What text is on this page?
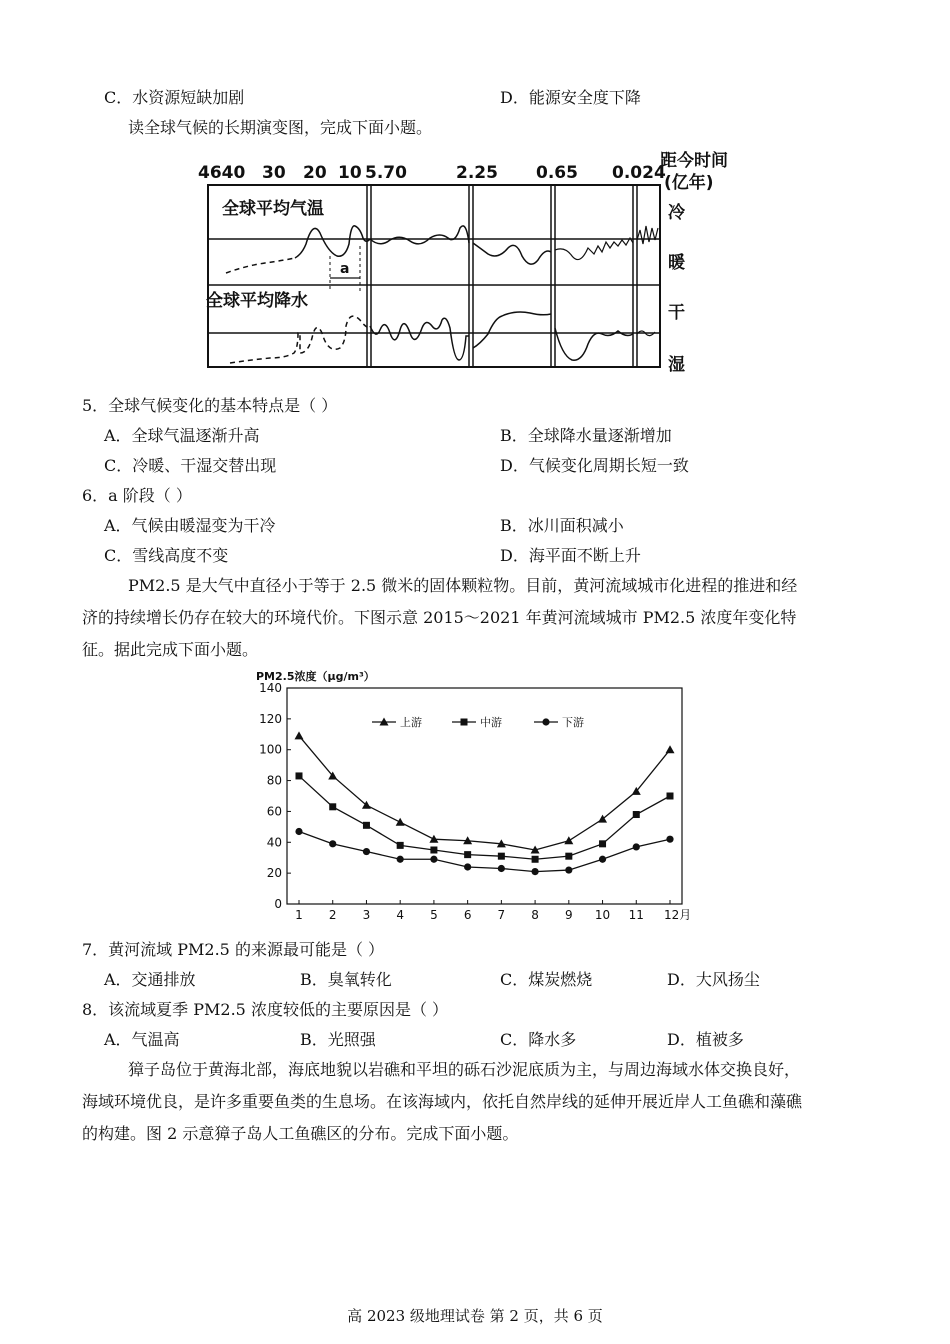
C．水资源短缺加剧	D．能源安全度下降
读全球气候的长期演变图，完成下面小题。
4640 30 20 10 5.70	2.25 0.65 0.024
距今时间
(亿年)
冷
暖
干
湿
全球平均气温
全球平均降水
a
5．全球气候变化的基本特点是（ ）
A．全球气温逐渐升高	B．全球降水量逐渐增加
C．冷暖、干湿交替出现	D．气候变化周期长短一致
6．a 阶段（ ）
A．气候由暖湿变为干冷	B．冰川面积减小
C．雪线高度不变	D．海平面不断上升
PM2.5 是大气中直径小于等于 2.5 微米的固体颗粒物。目前，黄河流域城市化进程的推进和经济的持续增长仍存在较大的环境代价。下图示意 2015～2021 年黄河流域城市 PM2.5 浓度年变化特征。据此完成下面小题。
PM2.5浓度（μg/m³）
0
20
40
60
80
100
120
140
1 2 3 4 5 6 7 8 9 10 11 12月
上游	中游	下游
7．黄河流域 PM2.5 的来源最可能是（ ）
A．交通排放	B．臭氧转化	C．煤炭燃烧	D．大风扬尘
8．该流域夏季 PM2.5 浓度较低的主要原因是（ ）
A．气温高	B．光照强	C．降水多	D．植被多
獐子岛位于黄海北部，海底地貌以岩礁和平坦的砾石沙泥底质为主，与周边海域水体交换良好，海域环境优良，是许多重要鱼类的生息场。在该海域内，依托自然岸线的延伸开展近岸人工鱼礁和藻礁的构建。图 2 示意獐子岛人工鱼礁区的分布。完成下面小题。
高 2023 级地理试卷 第 2 页，共 6 页
